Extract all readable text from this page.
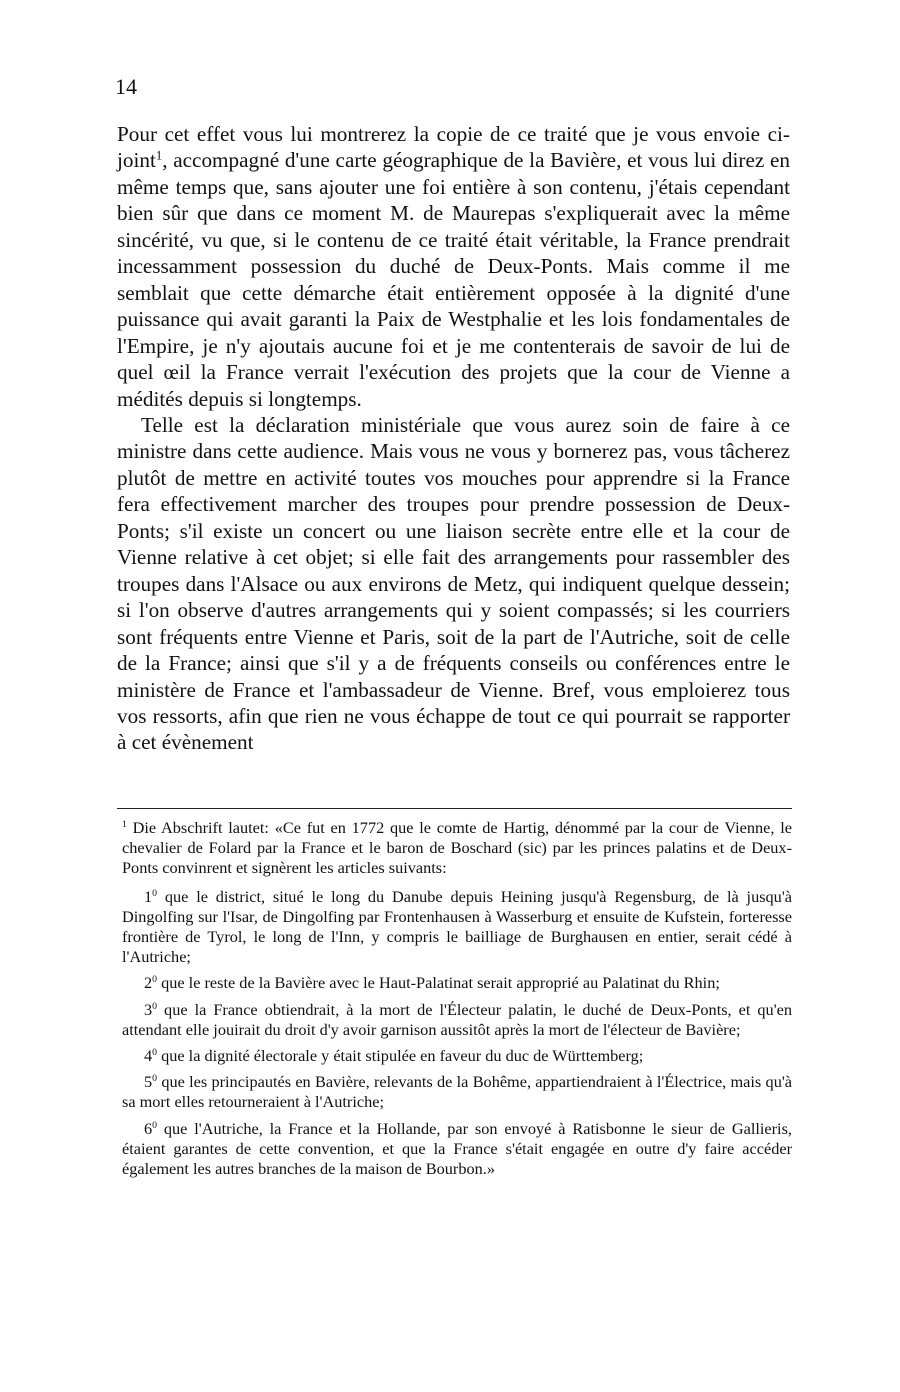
14

Pour cet effet vous lui montrerez la copie de ce traité que je vous envoie ci-joint$^1$, accompagné d'une carte géographique de la Bavière, et vous lui direz en même temps que, sans ajouter une foi entière à son contenu, j'étais cependant bien sûr que dans ce moment M. de Maurepas s'expliquerait avec la même sincérité, vu que, si le contenu de ce traité était véritable, la France prendrait incessamment possession du duché de Deux-Ponts. Mais comme il me semblait que cette démarche était entièrement opposée à la dignité d'une puissance qui avait garanti la Paix de Westphalie et les lois fondamentales de l'Empire, je n'y ajoutais aucune foi et je me contenterais de savoir de lui de quel œil la France verrait l'exécution des projets que la cour de Vienne a médités depuis si longtemps.

Telle est la déclaration ministériale que vous aurez soin de faire à ce ministre dans cette audience. Mais vous ne vous y bornerez pas, vous tâcherez plutôt de mettre en activité toutes vos mouches pour apprendre si la France fera effectivement marcher des troupes pour prendre possession de Deux-Ponts; s'il existe un concert ou une liaison secrète entre elle et la cour de Vienne relative à cet objet; si elle fait des arrangements pour rassembler des troupes dans l'Alsace ou aux environs de Metz, qui indiquent quelque dessein; si l'on observe d'autres arrangements qui y soient compassés; si les courriers sont fréquents entre Vienne et Paris, soit de la part de l'Autriche, soit de celle de la France; ainsi que s'il y a de fréquents conseils ou conférences entre le ministère de France et l'ambassadeur de Vienne. Bref, vous emploierez tous vos ressorts, afin que rien ne vous échappe de tout ce qui pourrait se rapporter à cet évènement

$^1$ Die Abschrift lautet: «Ce fut en 1772 que le comte de Hartig, dénommé par la cour de Vienne, le chevalier de Folard par la France et le baron de Boschard (sic) par les princes palatins et de Deux-Ponts convinrent et signèrent les articles suivants:

$1^0$ que le district, situé le long du Danube depuis Heining jusqu'à Regensburg, de là jusqu'à Dingolfing sur l'Isar, de Dingolfing par Frontenhausen à Wasserburg et ensuite de Kufstein, forteresse frontière de Tyrol, le long de l'Inn, y compris le bailliage de Burghausen en entier, serait cédé à l'Autriche;

$2^0$ que le reste de la Bavière avec le Haut-Palatinat serait approprié au Palatinat du Rhin;

$3^0$ que la France obtiendrait, à la mort de l'Électeur palatin, le duché de Deux-Ponts, et qu'en attendant elle jouirait du droit d'y avoir garnison aussitôt après la mort de l'électeur de Bavière;

$4^0$ que la dignité électorale y était stipulée en faveur du duc de Württemberg;

$5^0$ que les principautés en Bavière, relevants de la Bohême, appartiendraient à l'Électrice, mais qu'à sa mort elles retourneraient à l'Autriche;

$6^0$ que l'Autriche, la France et la Hollande, par son envoyé à Ratisbonne le sieur de Gallieris, étaient garantes de cette convention, et que la France s'était engagée en outre d'y faire accéder également les autres branches de la maison de Bourbon.»
